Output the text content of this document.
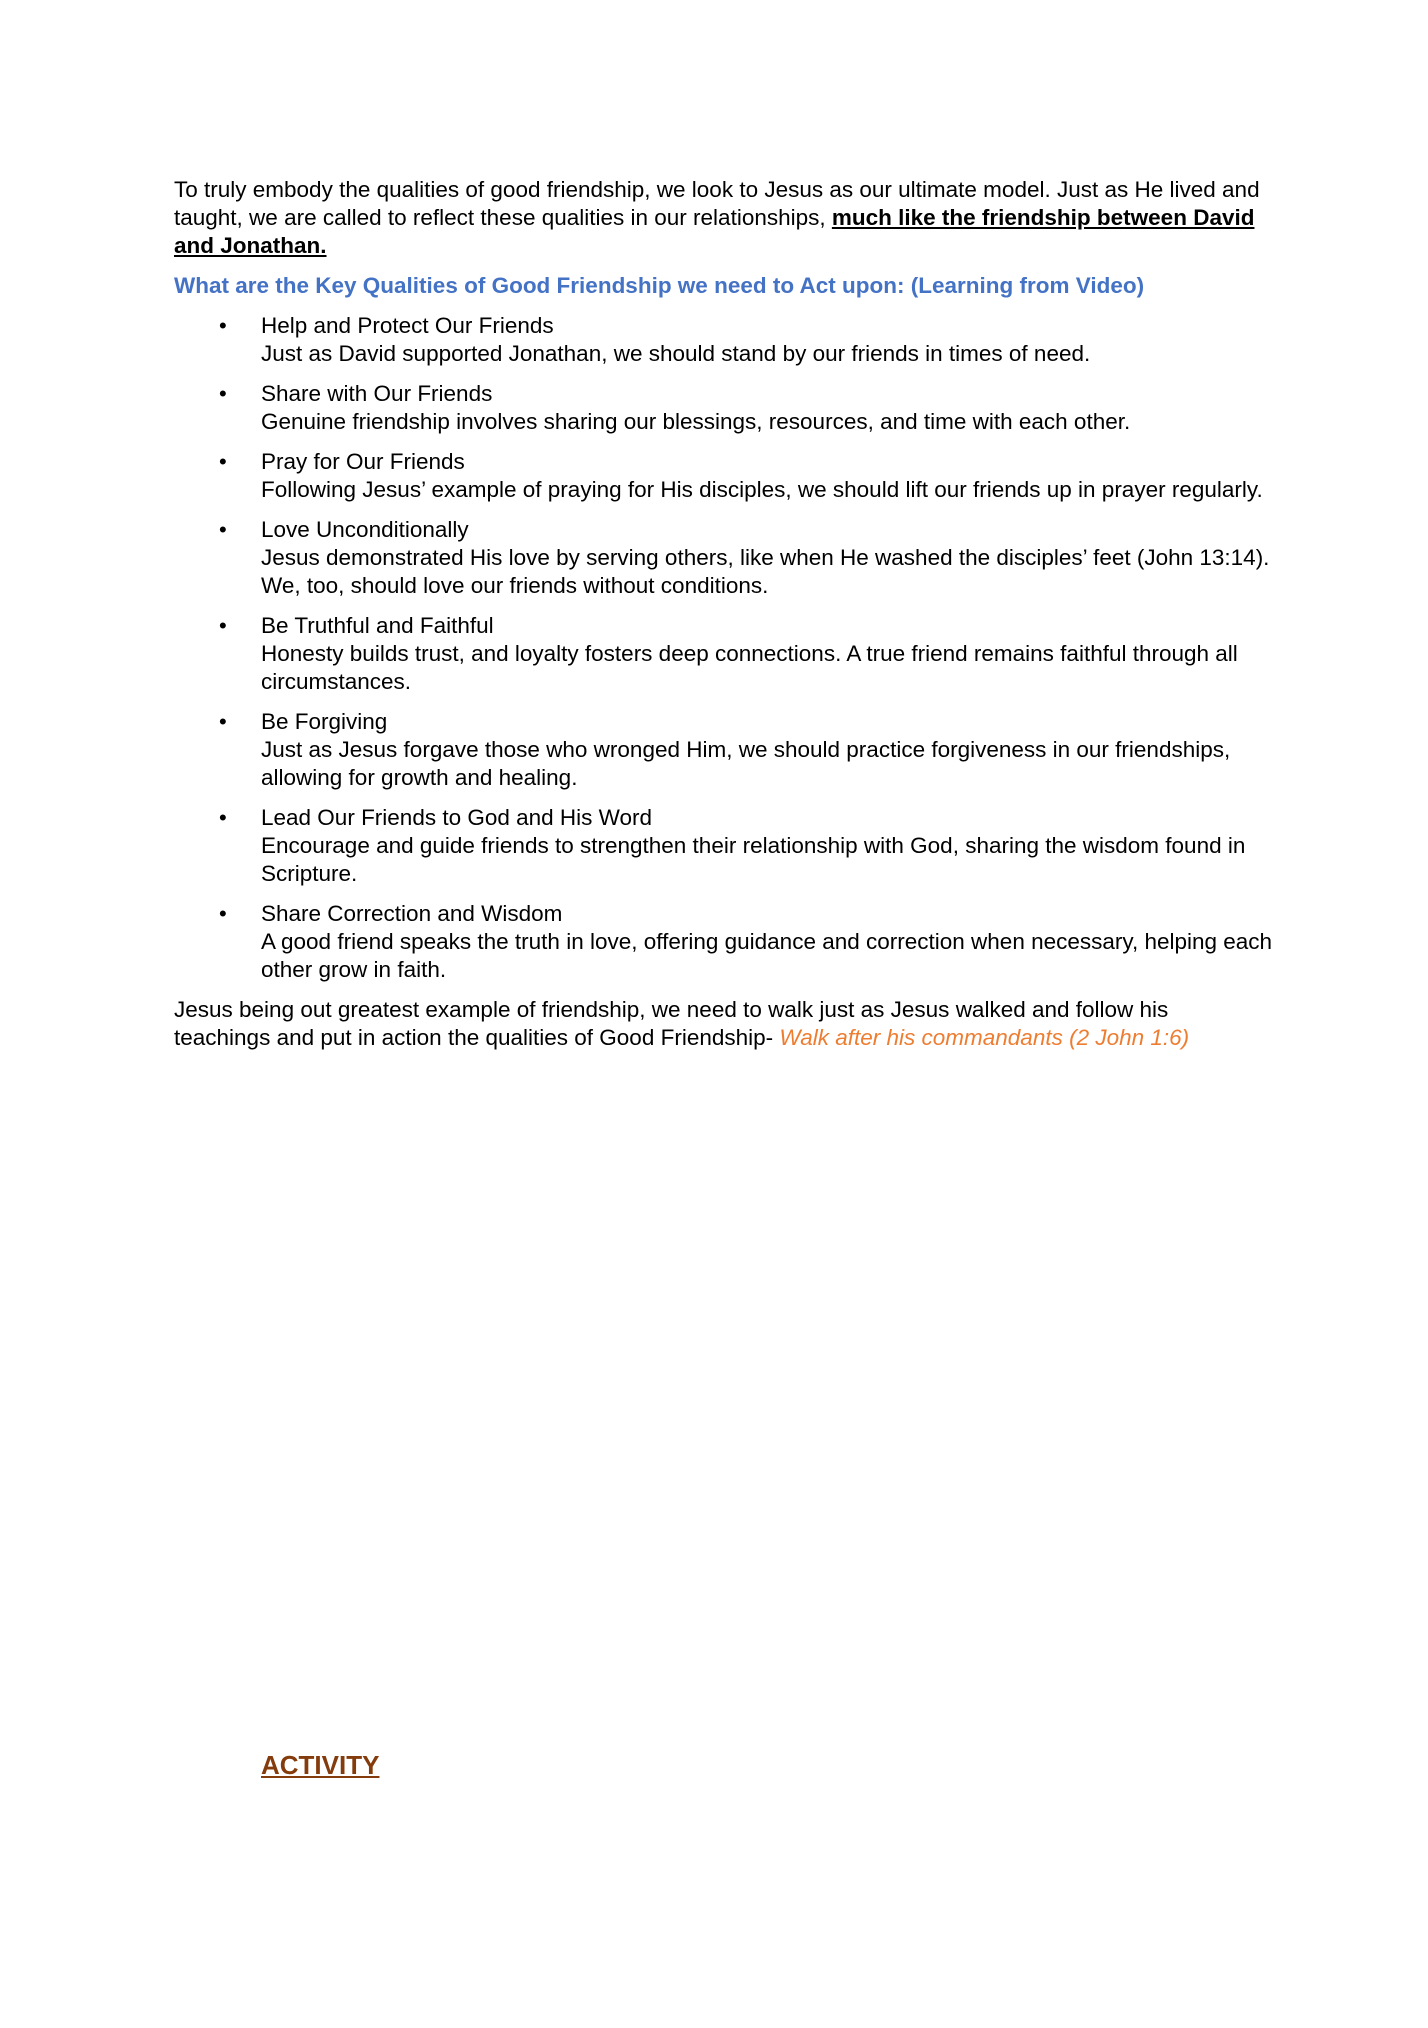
To truly embody the qualities of good friendship, we look to Jesus as our ultimate model. Just as He lived and taught, we are called to reflect these qualities in our relationships, much like the friendship between David and Jonathan.

What are the Key Qualities of Good Friendship we need to Act upon: (Learning from Video)

• Help and Protect Our Friends
Just as David supported Jonathan, we should stand by our friends in times of need.
• Share with Our Friends
Genuine friendship involves sharing our blessings, resources, and time with each other.
• Pray for Our Friends
Following Jesus’ example of praying for His disciples, we should lift our friends up in prayer regularly.
• Love Unconditionally
Jesus demonstrated His love by serving others, like when He washed the disciples’ feet (John 13:14). We, too, should love our friends without conditions.
• Be Truthful and Faithful
Honesty builds trust, and loyalty fosters deep connections. A true friend remains faithful through all circumstances.
• Be Forgiving
Just as Jesus forgave those who wronged Him, we should practice forgiveness in our friendships, allowing for growth and healing.
• Lead Our Friends to God and His Word
Encourage and guide friends to strengthen their relationship with God, sharing the wisdom found in Scripture.
• Share Correction and Wisdom
A good friend speaks the truth in love, offering guidance and correction when necessary, helping each other grow in faith.

Jesus being out greatest example of friendship, we need to walk just as Jesus walked and follow his teachings and put in action the qualities of Good Friendship- Walk after his commandants (2 John 1:6)

ACTIVITY
